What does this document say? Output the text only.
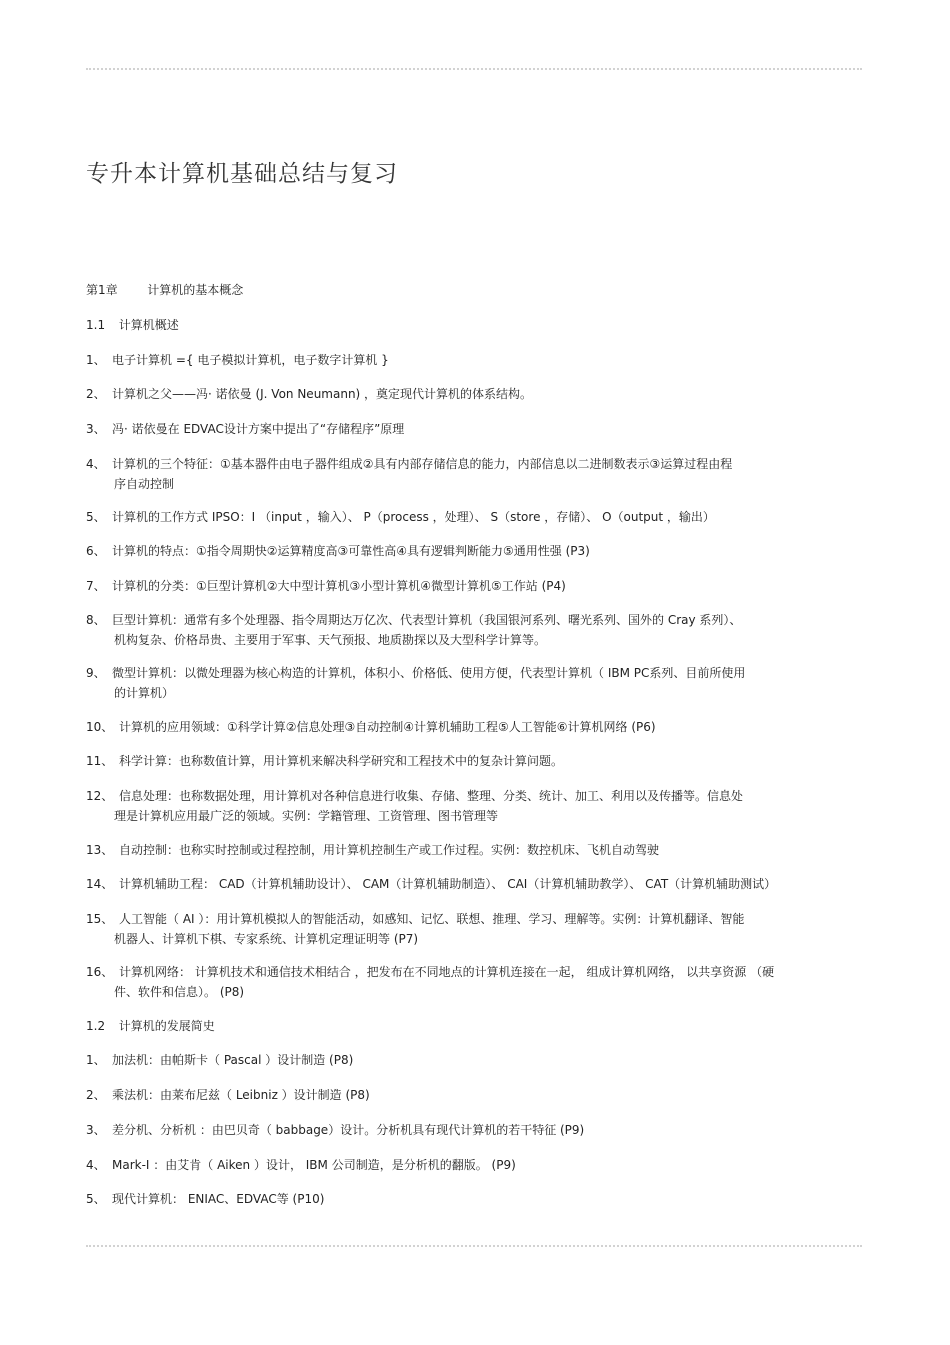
专升本计算机基础总结与复习
第1章 计算机的基本概念
1.1 计算机概述
1、 电子计算机 ={ 电子模拟计算机，电子数字计算机 }
2、 计算机之父——冯· 诺依曼 (J. Von Neumann) ，奠定现代计算机的体系结构。
3、 冯· 诺依曼在 EDVAC设计方案中提出了“存储程序”原理
4、 计算机的三个特征：①基本器件由电子器件组成②具有内部存储信息的能力，内部信息以二进制数表示③运算过程由程
序自动控制
5、 计算机的工作方式 IPSO：I （input ，输入）、 P（process ，处理）、 S（store ，存储）、 O（output ，输出）
6、 计算机的特点：①指令周期快②运算精度高③可靠性高④具有逻辑判断能力⑤通用性强 (P3)
7、 计算机的分类：①巨型计算机②大中型计算机③小型计算机④微型计算机⑤工作站 (P4)
8、 巨型计算机：通常有多个处理器、指令周期达万亿次、代表型计算机（我国银河系列、曙光系列、国外的 Cray 系列）、
机构复杂、价格昂贵、主要用于军事、天气预报、地质勘探以及大型科学计算等。
9、 微型计算机：以微处理器为核心构造的计算机，体积小、价格低、使用方便，代表型计算机（ IBM PC系列、目前所使用
的计算机）
10、 计算机的应用领域：①科学计算②信息处理③自动控制④计算机辅助工程⑤人工智能⑥计算机网络 (P6)
11、 科学计算：也称数值计算，用计算机来解决科学研究和工程技术中的复杂计算问题。
12、 信息处理：也称数据处理，用计算机对各种信息进行收集、存储、整理、分类、统计、加工、利用以及传播等。信息处
理是计算机应用最广泛的领域。实例：学籍管理、工资管理、图书管理等
13、 自动控制：也称实时控制或过程控制，用计算机控制生产或工作过程。实例：数控机床、飞机自动驾驶
14、 计算机辅助工程： CAD（计算机辅助设计）、 CAM（计算机辅助制造）、 CAI（计算机辅助教学）、 CAT（计算机辅助测试）
15、 人工智能（ AI ）：用计算机模拟人的智能活动，如感知、记忆、联想、推理、学习、理解等。实例：计算机翻译、智能
机器人、计算机下棋、专家系统、计算机定理证明等 (P7)
16、 计算机网络： 计算机技术和通信技术相结合 ，把发布在不同地点的计算机连接在一起， 组成计算机网络， 以共享资源 （硬
件、软件和信息）。 (P8)
1.2 计算机的发展简史
1、 加法机：由帕斯卡（ Pascal ）设计制造 (P8)
2、 乘法机：由莱布尼兹（ Leibniz ）设计制造 (P8)
3、 差分机、分析机 ：由巴贝奇（ babbage）设计。分析机具有现代计算机的若干特征 (P9)
4、 Mark-I ：由艾肯（ Aiken ）设计， IBM 公司制造，是分析机的翻版。 (P9)
5、 现代计算机： ENIAC、EDVAC等 (P10)
